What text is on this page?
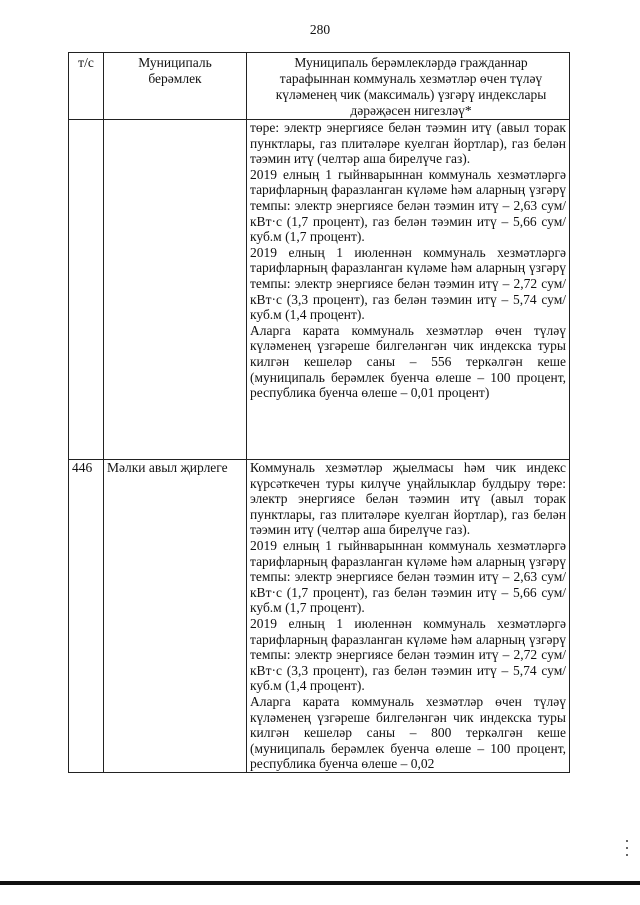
280
т/с	Муниципаль берәмлек	Муниципаль берәмлекләрдә гражданнар тарафыннан коммуналь хезмәтләр өчен түләү күләменең чик (максималь) үзгәрү индекслары дәрәҗәсен нигезләү*

		төре: электр энергиясе белән тәэмин итү (авыл торак пунктлары, газ плитәләре куелган йортлар), газ белән тәэмин итү (челтәр аша бирелүче газ).

2019 елның 1 гыйнварыннан коммуналь хезмәтләргә тарифларның фаразланган күләме һәм аларның үзгәрү темпы: электр энергиясе белән тәэмин итү – 2,63 сум/кВт·с (1,7 процент), газ белән тәэмин итү – 5,66 сум/куб.м (1,7 процент).

2019 елның 1 июленнән коммуналь хезмәтләргә тарифларның фаразланган күләме һәм аларның үзгәрү темпы: электр энергиясе белән тәэмин итү – 2,72 сум/кВт·с (3,3 процент), газ белән тәэмин итү – 5,74 сум/куб.м (1,4 процент).

Аларга карата коммуналь хезмәтләр өчен түләү күләменең үзгәреше билгеләнгән чик индекска туры килгән кешеләр саны – 556 теркәлгән кеше (муниципаль берәмлек буенча өлеше – 100 процент, республика буенча өлеше – 0,01 процент)

446	Мәлки авыл җирлеге	Коммуналь хезмәтләр җыелмасы һәм чик индекс күрсәткечен туры килүче уңайлыклар булдыру төре: электр энергиясе белән тәэмин итү (авыл торак пунктлары, газ плитәләре куелган йортлар), газ белән тәэмин итү (челтәр аша бирелүче газ).

2019 елның 1 гыйнварыннан коммуналь хезмәтләргә тарифларның фаразланган күләме һәм аларның үзгәрү темпы: электр энергиясе белән тәэмин итү – 2,63 сум/кВт·с (1,7 процент), газ белән тәэмин итү – 5,66 сум/куб.м (1,7 процент).

2019 елның 1 июленнән коммуналь хезмәтләргә тарифларның фаразланган күләме һәм аларның үзгәрү темпы: электр энергиясе белән тәэмин итү – 2,72 сум/кВт·с (3,3 процент), газ белән тәэмин итү – 5,74 сум/куб.м (1,4 процент).

Аларга карата коммуналь хезмәтләр өчен түләү күләменең үзгәреше билгеләнгән чик индекска туры килгән кешеләр саны – 800 теркәлгән кеше (муниципаль берәмлек буенча өлеше – 100 процент, республика буенча өлеше – 0,02
